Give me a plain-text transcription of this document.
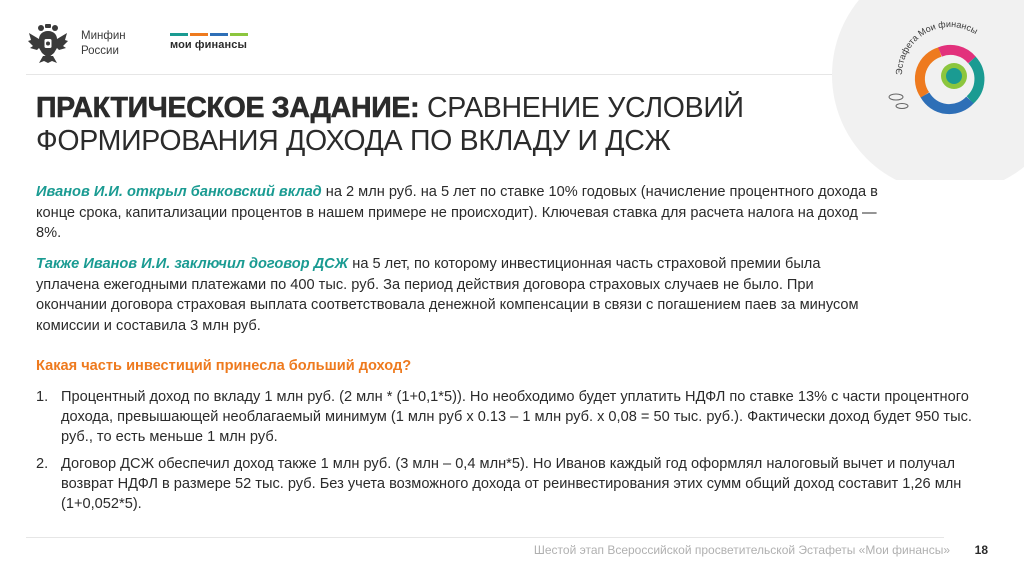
Минфин
России	мои финансы
Эстафета Мои финансы
ПРАКТИЧЕСКОЕ ЗАДАНИЕ: СРАВНЕНИЕ УСЛОВИЙ ФОРМИРОВАНИЯ ДОХОДА ПО ВКЛАДУ И ДСЖ
Иванов И.И. открыл банковский вклад на 2 млн руб. на 5 лет по ставке 10% годовых (начисление процентного дохода в конце срока, капитализации процентов в нашем примере не происходит). Ключевая ставка для расчета налога на доход — 8%.
Также Иванов И.И. заключил договор ДСЖ на 5 лет, по которому инвестиционная часть страховой премии была уплачена ежегодными платежами по 400 тыс. руб. За период действия договора страховых случаев не было. При окончании договора страховая выплата соответствовала денежной компенсации в связи с погашением паев за минусом комиссии и составила 3 млн руб.
Какая часть инвестиций принесла больший доход?
1. Процентный доход по вкладу 1 млн руб. (2 млн * (1+0,1*5)). Но необходимо будет уплатить НДФЛ по ставке 13% с части процентного дохода, превышающей необлагаемый минимум (1 млн руб х 0.13 – 1 млн руб. х 0,08 = 50 тыс. руб.). Фактически доход будет 950 тыс. руб., то есть меньше 1 млн руб.
2. Договор ДСЖ обеспечил доход также 1 млн руб. (3 млн – 0,4 млн*5). Но Иванов каждый год оформлял налоговый вычет и получал возврат НДФЛ в размере 52 тыс. руб. Без учета возможного дохода от реинвестирования этих сумм общий доход составит 1,26 млн (1+0,052*5).
Шестой этап Всероссийской просветительской Эстафеты «Мои финансы» 18
